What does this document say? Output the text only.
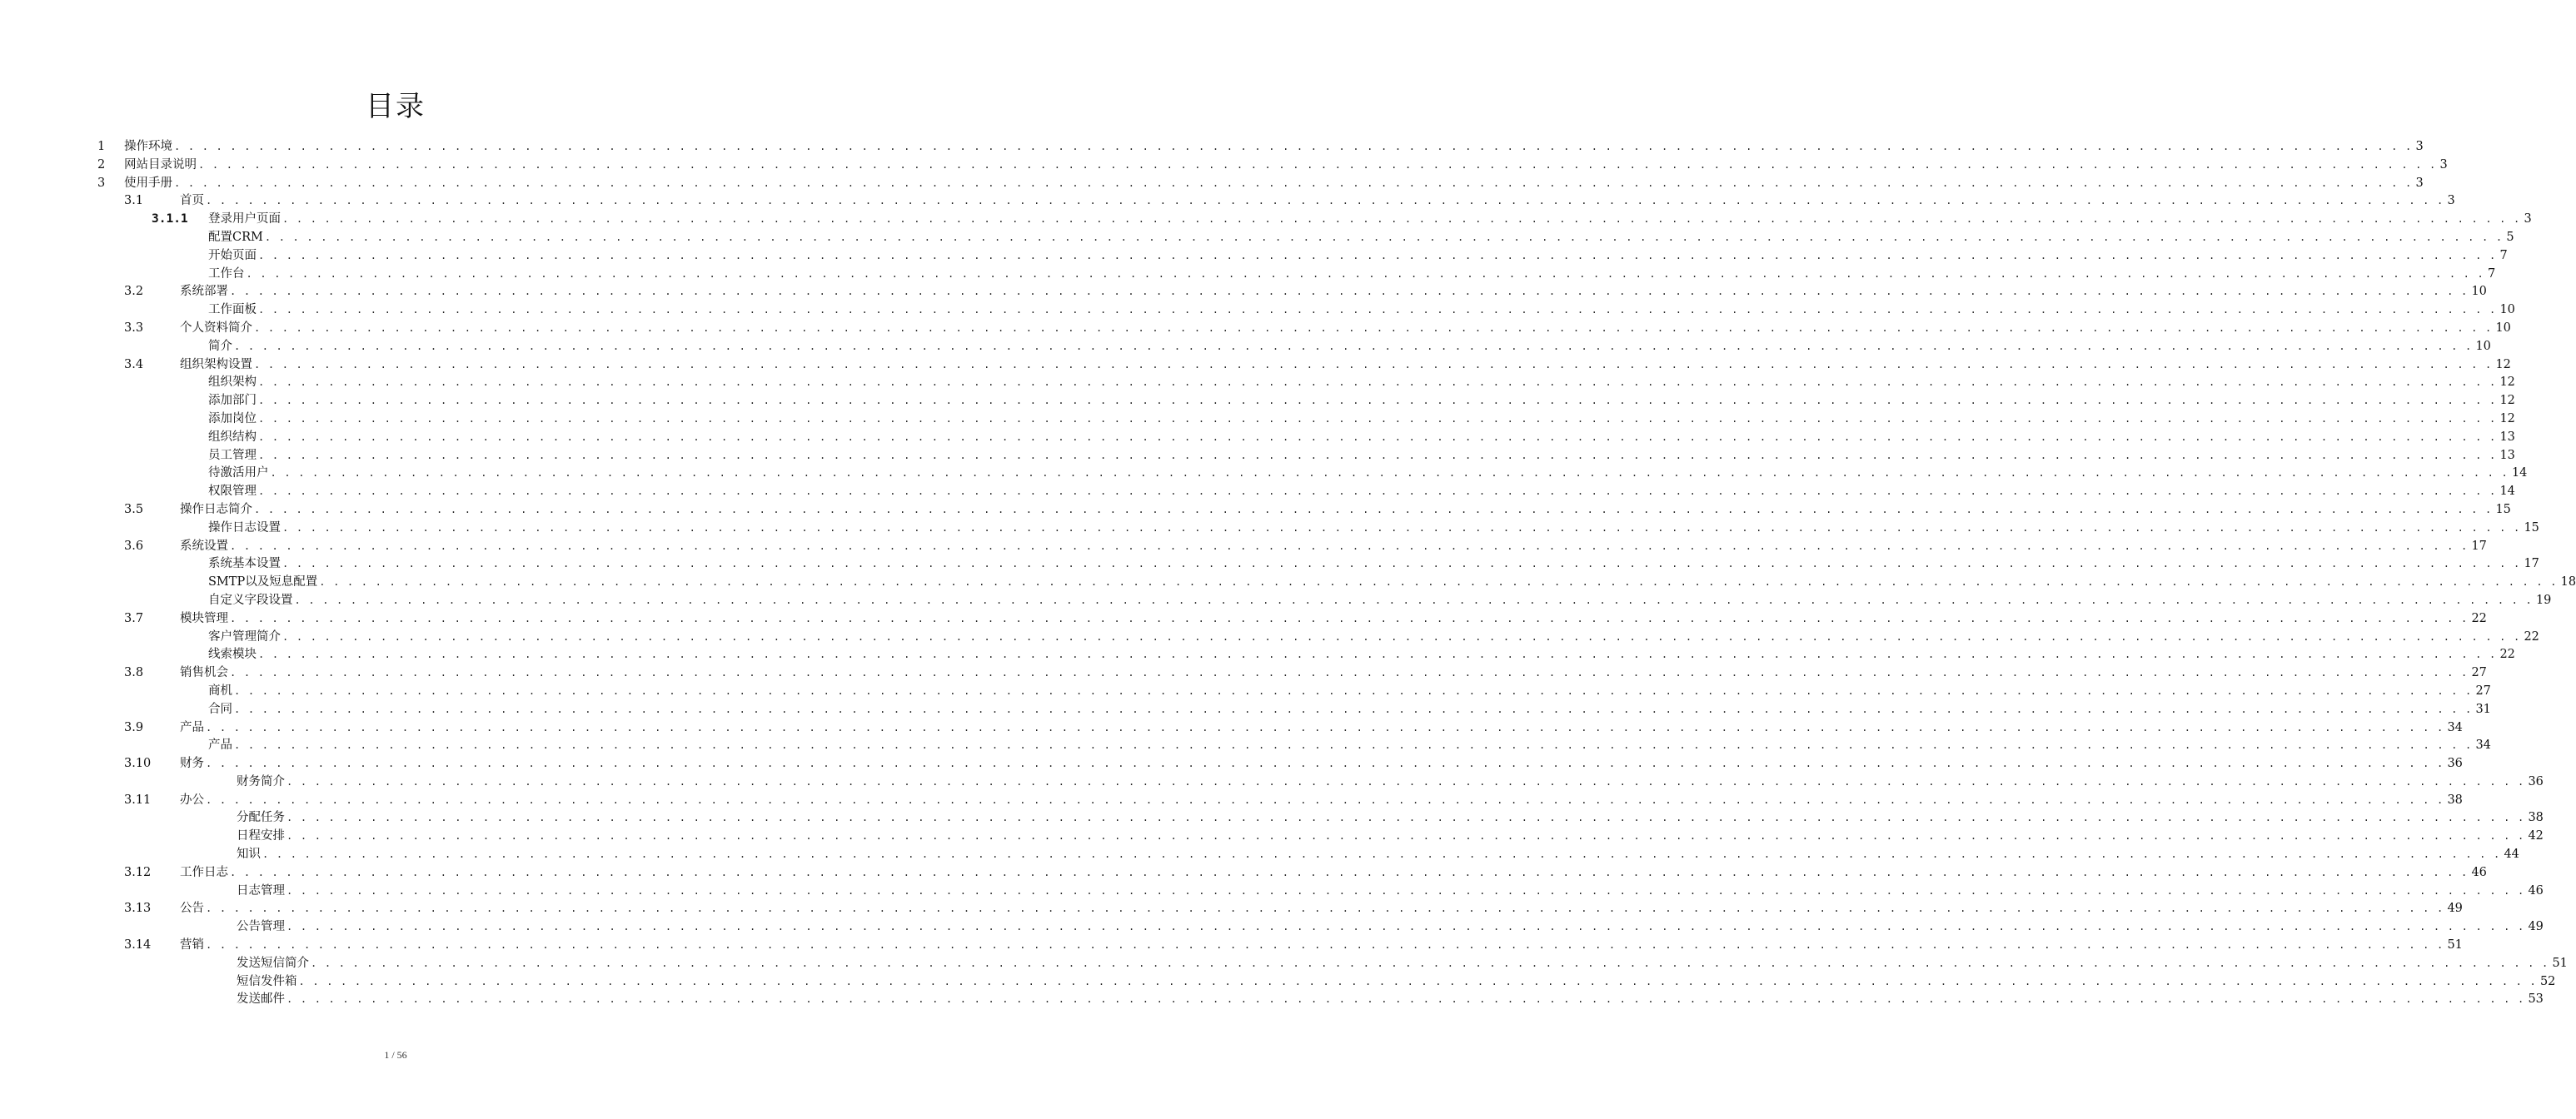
目录
1 操作环境 . . . . . . . . . . . . . . . . . . . . . . . . . . . . . . . . . . . . . . . . . . . . . . . . . . . . . . . . . . . . . . . . . . . . . . . . . . . . . . . . . . . . . . . . . . . . . . . . . . . . . . . . . . . . . . . . . . . . . . . . . . . . . . . . . . . . . . . . . . . . . . . . . . . . . . . . . . . . . . . . 3
2 网站目录说明 . . . . . . . . . . . . . . . . . . . . . . . . . . . . . . . . . . . . . . . . . . . . . . . . . . . . . . . . . . . . . . . . . . . . . . . . . . . . . . . . . . . . . . . . . . . . . . . . . . . . . . . . . . . . . . . . . . . . . . . . . . . . . . . . . . . . . . . . . . . . . . . . . . . . . . . . . . . . . . . . 3
3 使用手册 . . . . . . . . . . . . . . . . . . . . . . . . . . . . . . . . . . . . . . . . . . . . . . . . . . . . . . . . . . . . . . . . . . . . . . . . . . . . . . . . . . . . . . . . . . . . . . . . . . . . . . . . . . . . . . . . . . . . . . . . . . . . . . . . . . . . . . . . . . . . . . . . . . . . . . . . . . . . . . . . 3
3.1	首页 . . . . . . . . . . . . . . . . . . . . . . . . . . . . . . . . . . . . . . . . . . . . . . . . . . . . . . . . . . . . . . . . . . . . . . . . . . . . . . . . . . . . . . . . . . . . . . . . . . . . . . . . . . . . . . . . . . . . . . . . . . . . . . . . . . . . . . . . . . . . . . . . . . . . . . . . . . . . . . . . 3
3.1.1 登录用户页面 . . . . . . . . . . . . . . . . . . . . . . . . . . . . . . . . . . . . . . . . . . . . . . . . . . . . . . . . . . . . . . . . . . . . . . . . . . . . . . . . . . . . . . . . . . . . . . . . . . . . . . . . . . . . . . . . . . . . . . . . . . . . . . . . . . . . . . . . . . . . . . . . . . . . . . . . . . . . . . . . 3
配置CRM . . . . . . . . . . . . . . . . . . . . . . . . . . . . . . . . . . . . . . . . . . . . . . . . . . . . . . . . . . . . . . . . . . . . . . . . . . . . . . . . . . . . . . . . . . . . . . . . . . . . . . . . . . . . . . . . . . . . . . . . . . . . . . . . . . . . . . . . . . . . . . . . . . . . . . . . . . . . . . . . 5
开始页面 . . . . . . . . . . . . . . . . . . . . . . . . . . . . . . . . . . . . . . . . . . . . . . . . . . . . . . . . . . . . . . . . . . . . . . . . . . . . . . . . . . . . . . . . . . . . . . . . . . . . . . . . . . . . . . . . . . . . . . . . . . . . . . . . . . . . . . . . . . . . . . . . . . . . . . . . . . . . . . . . 7
工作台 . . . . . . . . . . . . . . . . . . . . . . . . . . . . . . . . . . . . . . . . . . . . . . . . . . . . . . . . . . . . . . . . . . . . . . . . . . . . . . . . . . . . . . . . . . . . . . . . . . . . . . . . . . . . . . . . . . . . . . . . . . . . . . . . . . . . . . . . . . . . . . . . . . . . . . . . . . . . . . . . 7
3.2	系统部署 . . . . . . . . . . . . . . . . . . . . . . . . . . . . . . . . . . . . . . . . . . . . . . . . . . . . . . . . . . . . . . . . . . . . . . . . . . . . . . . . . . . . . . . . . . . . . . . . . . . . . . . . . . . . . . . . . . . . . . . . . . . . . . . . . . . . . . . . . . . . . . . . . . . . . . . . . . . . . . . . 10
工作面板 . . . . . . . . . . . . . . . . . . . . . . . . . . . . . . . . . . . . . . . . . . . . . . . . . . . . . . . . . . . . . . . . . . . . . . . . . . . . . . . . . . . . . . . . . . . . . . . . . . . . . . . . . . . . . . . . . . . . . . . . . . . . . . . . . . . . . . . . . . . . . . . . . . . . . . . . . . . . . . . . 10
3.3	个人资料简介 . . . . . . . . . . . . . . . . . . . . . . . . . . . . . . . . . . . . . . . . . . . . . . . . . . . . . . . . . . . . . . . . . . . . . . . . . . . . . . . . . . . . . . . . . . . . . . . . . . . . . . . . . . . . . . . . . . . . . . . . . . . . . . . . . . . . . . . . . . . . . . . . . . . . . . . . . . . . . . . . 10
简介 . . . . . . . . . . . . . . . . . . . . . . . . . . . . . . . . . . . . . . . . . . . . . . . . . . . . . . . . . . . . . . . . . . . . . . . . . . . . . . . . . . . . . . . . . . . . . . . . . . . . . . . . . . . . . . . . . . . . . . . . . . . . . . . . . . . . . . . . . . . . . . . . . . . . . . . . . . . . . . . . 10
3.4	组织架构设置 . . . . . . . . . . . . . . . . . . . . . . . . . . . . . . . . . . . . . . . . . . . . . . . . . . . . . . . . . . . . . . . . . . . . . . . . . . . . . . . . . . . . . . . . . . . . . . . . . . . . . . . . . . . . . . . . . . . . . . . . . . . . . . . . . . . . . . . . . . . . . . . . . . . . . . . . . . . . . . . . 12
组织架构 . . . . . . . . . . . . . . . . . . . . . . . . . . . . . . . . . . . . . . . . . . . . . . . . . . . . . . . . . . . . . . . . . . . . . . . . . . . . . . . . . . . . . . . . . . . . . . . . . . . . . . . . . . . . . . . . . . . . . . . . . . . . . . . . . . . . . . . . . . . . . . . . . . . . . . . . . . . . . . . . 12
添加部门 . . . . . . . . . . . . . . . . . . . . . . . . . . . . . . . . . . . . . . . . . . . . . . . . . . . . . . . . . . . . . . . . . . . . . . . . . . . . . . . . . . . . . . . . . . . . . . . . . . . . . . . . . . . . . . . . . . . . . . . . . . . . . . . . . . . . . . . . . . . . . . . . . . . . . . . . . . . . . . . . 12
添加岗位 . . . . . . . . . . . . . . . . . . . . . . . . . . . . . . . . . . . . . . . . . . . . . . . . . . . . . . . . . . . . . . . . . . . . . . . . . . . . . . . . . . . . . . . . . . . . . . . . . . . . . . . . . . . . . . . . . . . . . . . . . . . . . . . . . . . . . . . . . . . . . . . . . . . . . . . . . . . . . . . . 12
组织结构 . . . . . . . . . . . . . . . . . . . . . . . . . . . . . . . . . . . . . . . . . . . . . . . . . . . . . . . . . . . . . . . . . . . . . . . . . . . . . . . . . . . . . . . . . . . . . . . . . . . . . . . . . . . . . . . . . . . . . . . . . . . . . . . . . . . . . . . . . . . . . . . . . . . . . . . . . . . . . . . . 13
员工管理 . . . . . . . . . . . . . . . . . . . . . . . . . . . . . . . . . . . . . . . . . . . . . . . . . . . . . . . . . . . . . . . . . . . . . . . . . . . . . . . . . . . . . . . . . . . . . . . . . . . . . . . . . . . . . . . . . . . . . . . . . . . . . . . . . . . . . . . . . . . . . . . . . . . . . . . . . . . . . . . . 13
待激活用户 . . . . . . . . . . . . . . . . . . . . . . . . . . . . . . . . . . . . . . . . . . . . . . . . . . . . . . . . . . . . . . . . . . . . . . . . . . . . . . . . . . . . . . . . . . . . . . . . . . . . . . . . . . . . . . . . . . . . . . . . . . . . . . . . . . . . . . . . . . . . . . . . . . . . . . . . . . . . . . . . 14
权限管理 . . . . . . . . . . . . . . . . . . . . . . . . . . . . . . . . . . . . . . . . . . . . . . . . . . . . . . . . . . . . . . . . . . . . . . . . . . . . . . . . . . . . . . . . . . . . . . . . . . . . . . . . . . . . . . . . . . . . . . . . . . . . . . . . . . . . . . . . . . . . . . . . . . . . . . . . . . . . . . . . 14
3.5	操作日志简介 . . . . . . . . . . . . . . . . . . . . . . . . . . . . . . . . . . . . . . . . . . . . . . . . . . . . . . . . . . . . . . . . . . . . . . . . . . . . . . . . . . . . . . . . . . . . . . . . . . . . . . . . . . . . . . . . . . . . . . . . . . . . . . . . . . . . . . . . . . . . . . . . . . . . . . . . . . . . . . . . 15
操作日志设置 . . . . . . . . . . . . . . . . . . . . . . . . . . . . . . . . . . . . . . . . . . . . . . . . . . . . . . . . . . . . . . . . . . . . . . . . . . . . . . . . . . . . . . . . . . . . . . . . . . . . . . . . . . . . . . . . . . . . . . . . . . . . . . . . . . . . . . . . . . . . . . . . . . . . . . . . . . . . . . . . 15
3.6	系统设置 . . . . . . . . . . . . . . . . . . . . . . . . . . . . . . . . . . . . . . . . . . . . . . . . . . . . . . . . . . . . . . . . . . . . . . . . . . . . . . . . . . . . . . . . . . . . . . . . . . . . . . . . . . . . . . . . . . . . . . . . . . . . . . . . . . . . . . . . . . . . . . . . . . . . . . . . . . . . . . . . 17
系统基本设置 . . . . . . . . . . . . . . . . . . . . . . . . . . . . . . . . . . . . . . . . . . . . . . . . . . . . . . . . . . . . . . . . . . . . . . . . . . . . . . . . . . . . . . . . . . . . . . . . . . . . . . . . . . . . . . . . . . . . . . . . . . . . . . . . . . . . . . . . . . . . . . . . . . . . . . . . . . . . . . . . 17
SMTP以及短息配置 . . . . . . . . . . . . . . . . . . . . . . . . . . . . . . . . . . . . . . . . . . . . . . . . . . . . . . . . . . . . . . . . . . . . . . . . . . . . . . . . . . . . . . . . . . . . . . . . . . . . . . . . . . . . . . . . . . . . . . . . . . . . . . . . . . . . . . . . . . . . . . . . . . . . . . . . . . . . . . . . 18
自定义字段设置 . . . . . . . . . . . . . . . . . . . . . . . . . . . . . . . . . . . . . . . . . . . . . . . . . . . . . . . . . . . . . . . . . . . . . . . . . . . . . . . . . . . . . . . . . . . . . . . . . . . . . . . . . . . . . . . . . . . . . . . . . . . . . . . . . . . . . . . . . . . . . . . . . . . . . . . . . . . . . . . . 19
3.7	模块管理 . . . . . . . . . . . . . . . . . . . . . . . . . . . . . . . . . . . . . . . . . . . . . . . . . . . . . . . . . . . . . . . . . . . . . . . . . . . . . . . . . . . . . . . . . . . . . . . . . . . . . . . . . . . . . . . . . . . . . . . . . . . . . . . . . . . . . . . . . . . . . . . . . . . . . . . . . . . . . . . . 22
客户管理简介 . . . . . . . . . . . . . . . . . . . . . . . . . . . . . . . . . . . . . . . . . . . . . . . . . . . . . . . . . . . . . . . . . . . . . . . . . . . . . . . . . . . . . . . . . . . . . . . . . . . . . . . . . . . . . . . . . . . . . . . . . . . . . . . . . . . . . . . . . . . . . . . . . . . . . . . . . . . . . . . . 22
线索模块 . . . . . . . . . . . . . . . . . . . . . . . . . . . . . . . . . . . . . . . . . . . . . . . . . . . . . . . . . . . . . . . . . . . . . . . . . . . . . . . . . . . . . . . . . . . . . . . . . . . . . . . . . . . . . . . . . . . . . . . . . . . . . . . . . . . . . . . . . . . . . . . . . . . . . . . . . . . . . . . . 22
3.8	销售机会 . . . . . . . . . . . . . . . . . . . . . . . . . . . . . . . . . . . . . . . . . . . . . . . . . . . . . . . . . . . . . . . . . . . . . . . . . . . . . . . . . . . . . . . . . . . . . . . . . . . . . . . . . . . . . . . . . . . . . . . . . . . . . . . . . . . . . . . . . . . . . . . . . . . . . . . . . . . . . . . . 27
商机 . . . . . . . . . . . . . . . . . . . . . . . . . . . . . . . . . . . . . . . . . . . . . . . . . . . . . . . . . . . . . . . . . . . . . . . . . . . . . . . . . . . . . . . . . . . . . . . . . . . . . . . . . . . . . . . . . . . . . . . . . . . . . . . . . . . . . . . . . . . . . . . . . . . . . . . . . . . . . . . . 27
合同 . . . . . . . . . . . . . . . . . . . . . . . . . . . . . . . . . . . . . . . . . . . . . . . . . . . . . . . . . . . . . . . . . . . . . . . . . . . . . . . . . . . . . . . . . . . . . . . . . . . . . . . . . . . . . . . . . . . . . . . . . . . . . . . . . . . . . . . . . . . . . . . . . . . . . . . . . . . . . . . . 31
3.9	产品 . . . . . . . . . . . . . . . . . . . . . . . . . . . . . . . . . . . . . . . . . . . . . . . . . . . . . . . . . . . . . . . . . . . . . . . . . . . . . . . . . . . . . . . . . . . . . . . . . . . . . . . . . . . . . . . . . . . . . . . . . . . . . . . . . . . . . . . . . . . . . . . . . . . . . . . . . . . . . . . . 34
产品 . . . . . . . . . . . . . . . . . . . . . . . . . . . . . . . . . . . . . . . . . . . . . . . . . . . . . . . . . . . . . . . . . . . . . . . . . . . . . . . . . . . . . . . . . . . . . . . . . . . . . . . . . . . . . . . . . . . . . . . . . . . . . . . . . . . . . . . . . . . . . . . . . . . . . . . . . . . . . . . . 34
3.10 财务 . . . . . . . . . . . . . . . . . . . . . . . . . . . . . . . . . . . . . . . . . . . . . . . . . . . . . . . . . . . . . . . . . . . . . . . . . . . . . . . . . . . . . . . . . . . . . . . . . . . . . . . . . . . . . . . . . . . . . . . . . . . . . . . . . . . . . . . . . . . . . . . . . . . . . . . . . . . . . . . . 36
财务简介 . . . . . . . . . . . . . . . . . . . . . . . . . . . . . . . . . . . . . . . . . . . . . . . . . . . . . . . . . . . . . . . . . . . . . . . . . . . . . . . . . . . . . . . . . . . . . . . . . . . . . . . . . . . . . . . . . . . . . . . . . . . . . . . . . . . . . . . . . . . . . . . . . . . . . . . . . . . . . . . . 36
3.11 办公 . . . . . . . . . . . . . . . . . . . . . . . . . . . . . . . . . . . . . . . . . . . . . . . . . . . . . . . . . . . . . . . . . . . . . . . . . . . . . . . . . . . . . . . . . . . . . . . . . . . . . . . . . . . . . . . . . . . . . . . . . . . . . . . . . . . . . . . . . . . . . . . . . . . . . . . . . . . . . . . . 38
分配任务 . . . . . . . . . . . . . . . . . . . . . . . . . . . . . . . . . . . . . . . . . . . . . . . . . . . . . . . . . . . . . . . . . . . . . . . . . . . . . . . . . . . . . . . . . . . . . . . . . . . . . . . . . . . . . . . . . . . . . . . . . . . . . . . . . . . . . . . . . . . . . . . . . . . . . . . . . . . . . . . . 38
日程安排 . . . . . . . . . . . . . . . . . . . . . . . . . . . . . . . . . . . . . . . . . . . . . . . . . . . . . . . . . . . . . . . . . . . . . . . . . . . . . . . . . . . . . . . . . . . . . . . . . . . . . . . . . . . . . . . . . . . . . . . . . . . . . . . . . . . . . . . . . . . . . . . . . . . . . . . . . . . . . . . . 42
知识 . . . . . . . . . . . . . . . . . . . . . . . . . . . . . . . . . . . . . . . . . . . . . . . . . . . . . . . . . . . . . . . . . . . . . . . . . . . . . . . . . . . . . . . . . . . . . . . . . . . . . . . . . . . . . . . . . . . . . . . . . . . . . . . . . . . . . . . . . . . . . . . . . . . . . . . . . . . . . . . . 44
3.12 工作日志 . . . . . . . . . . . . . . . . . . . . . . . . . . . . . . . . . . . . . . . . . . . . . . . . . . . . . . . . . . . . . . . . . . . . . . . . . . . . . . . . . . . . . . . . . . . . . . . . . . . . . . . . . . . . . . . . . . . . . . . . . . . . . . . . . . . . . . . . . . . . . . . . . . . . . . . . . . . . . . . . 46
日志管理 . . . . . . . . . . . . . . . . . . . . . . . . . . . . . . . . . . . . . . . . . . . . . . . . . . . . . . . . . . . . . . . . . . . . . . . . . . . . . . . . . . . . . . . . . . . . . . . . . . . . . . . . . . . . . . . . . . . . . . . . . . . . . . . . . . . . . . . . . . . . . . . . . . . . . . . . . . . . . . . . 46
3.13 公告 . . . . . . . . . . . . . . . . . . . . . . . . . . . . . . . . . . . . . . . . . . . . . . . . . . . . . . . . . . . . . . . . . . . . . . . . . . . . . . . . . . . . . . . . . . . . . . . . . . . . . . . . . . . . . . . . . . . . . . . . . . . . . . . . . . . . . . . . . . . . . . . . . . . . . . . . . . . . . . . . 49
公告管理 . . . . . . . . . . . . . . . . . . . . . . . . . . . . . . . . . . . . . . . . . . . . . . . . . . . . . . . . . . . . . . . . . . . . . . . . . . . . . . . . . . . . . . . . . . . . . . . . . . . . . . . . . . . . . . . . . . . . . . . . . . . . . . . . . . . . . . . . . . . . . . . . . . . . . . . . . . . . . . . . 49
3.14 营销 . . . . . . . . . . . . . . . . . . . . . . . . . . . . . . . . . . . . . . . . . . . . . . . . . . . . . . . . . . . . . . . . . . . . . . . . . . . . . . . . . . . . . . . . . . . . . . . . . . . . . . . . . . . . . . . . . . . . . . . . . . . . . . . . . . . . . . . . . . . . . . . . . . . . . . . . . . . . . . . . 51
发送短信简介 . . . . . . . . . . . . . . . . . . . . . . . . . . . . . . . . . . . . . . . . . . . . . . . . . . . . . . . . . . . . . . . . . . . . . . . . . . . . . . . . . . . . . . . . . . . . . . . . . . . . . . . . . . . . . . . . . . . . . . . . . . . . . . . . . . . . . . . . . . . . . . . . . . . . . . . . . . . . . . . . 51
短信发件箱 . . . . . . . . . . . . . . . . . . . . . . . . . . . . . . . . . . . . . . . . . . . . . . . . . . . . . . . . . . . . . . . . . . . . . . . . . . . . . . . . . . . . . . . . . . . . . . . . . . . . . . . . . . . . . . . . . . . . . . . . . . . . . . . . . . . . . . . . . . . . . . . . . . . . . . . . . . . . . . . . 52
发送邮件 . . . . . . . . . . . . . . . . . . . . . . . . . . . . . . . . . . . . . . . . . . . . . . . . . . . . . . . . . . . . . . . . . . . . . . . . . . . . . . . . . . . . . . . . . . . . . . . . . . . . . . . . . . . . . . . . . . . . . . . . . . . . . . . . . . . . . . . . . . . . . . . . . . . . . . . . . . . . . . . . 53
1 / 56
